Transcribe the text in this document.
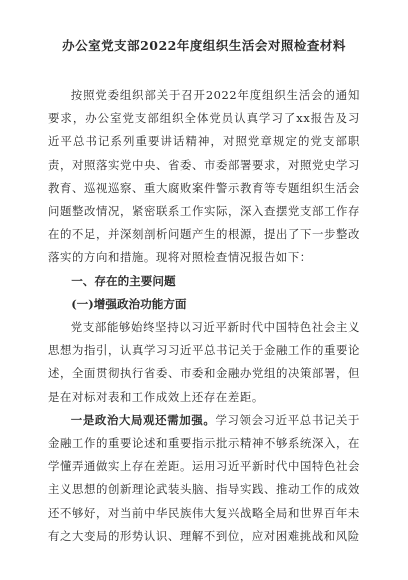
办公室党支部2022年度组织生活会对照检查材料

按照党委组织部关于召开2022年度组织生活会的通知要求，办公室党支部组织全体党员认真学习了xx报告及习近平总书记系列重要讲话精神，对照党章规定的党支部职责，对照落实党中央、省委、市委部署要求，对照党史学习教育、巡视巡察、重大腐败案件警示教育等专题组织生活会问题整改情况，紧密联系工作实际，深入查摆党支部工作存在的不足，并深刻剖析问题产生的根源，提出了下一步整改落实的方向和措施。现将对照检查情况报告如下：

一、存在的主要问题

(一)增强政治功能方面

党支部能够始终坚持以习近平新时代中国特色社会主义思想为指引，认真学习习近平总书记关于金融工作的重要论述，全面贯彻执行省委、市委和金融办党组的决策部署，但是在对标对表和工作成效上还存在差距。

一是政治大局观还需加强。学习领会习近平总书记关于金融工作的重要论述和重要指示批示精神不够系统深入，在学懂弄通做实上存在差距。运用习近平新时代中国特色社会主义思想的创新理论武装头脑、指导实践、推动工作的成效还不够好，对当前中华民族伟大复兴战略全局和世界百年未有之大变局的形势认识、理解不到位，应对困难挑战和风险
